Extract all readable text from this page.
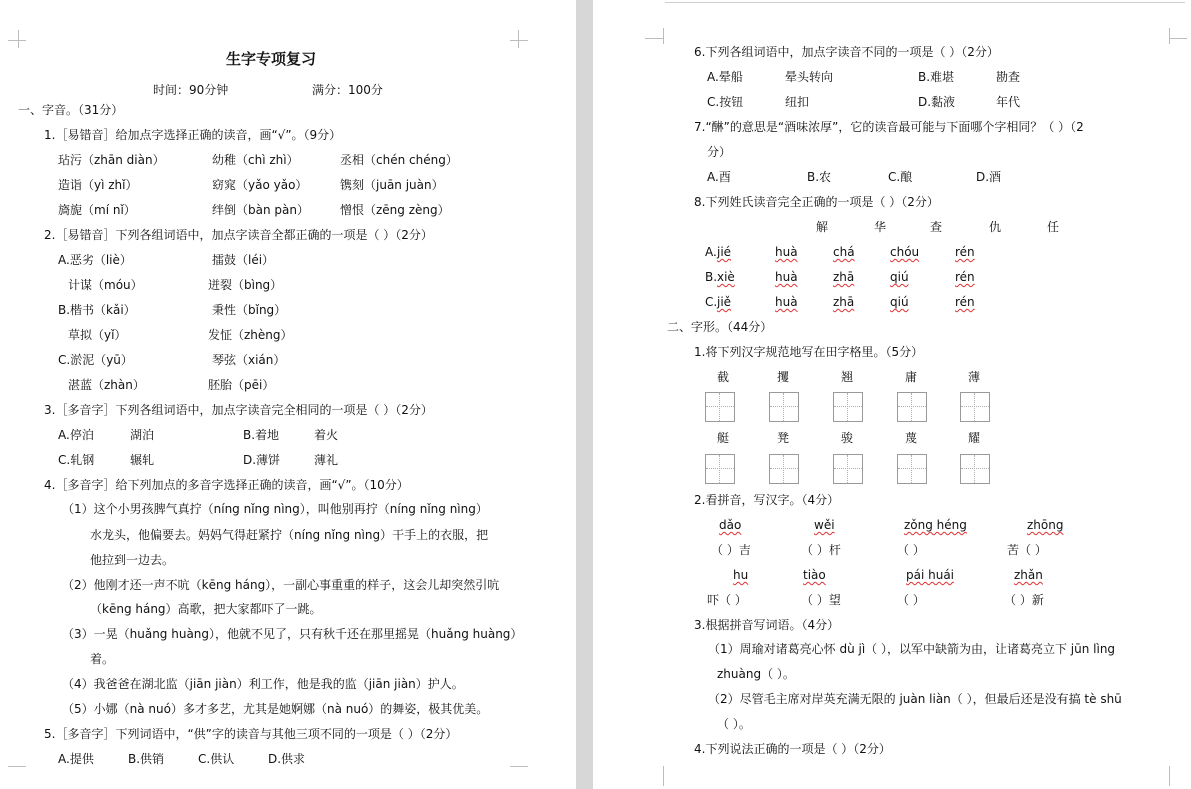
生字专项复习
时间：90分钟	满分：100分
一、字音。（31分）
1.［易错音］给加点字选择正确的读音，画“√”。（9分）
玷污（zhān diàn）	幼稚（chì zhì）	丞相（chén chéng）
造诣（yì zhǐ）	窈窕（yǎo yǎo）	镌刻（juān juàn）
旖旎（mí nǐ）	绊倒（bàn pàn）	憎恨（zēng zèng）
2.［易错音］下列各组词语中，加点字读音全都正确的一项是（ ）（2分）
A.恶劣（liè）	擂鼓（léi）
计谋（móu）	迸裂（bìng）
B.楷书（kǎi）	秉性（bǐng）
草拟（yǐ）	发怔（zhèng）
C.淤泥（yū）	琴弦（xián）
湛蓝（zhàn）	胚胎（pēi）
3.［多音字］下列各组词语中，加点字读音完全相同的一项是（ ）（2分）
A.停泊	湖泊	B.着地	着火
C.轧钢	辗轧	D.薄饼	薄礼
4.［多音字］给下列加点的多音字选择正确的读音，画“√”。（10分）
（1）这个小男孩脾气真拧（níng nǐng nìng），叫他别再拧（níng nǐng nìng）
水龙头，他偏要去。妈妈气得赶紧拧（níng nǐng nìng）干手上的衣服，把
他拉到一边去。
（2）他刚才还一声不吭（kēng háng），一副心事重重的样子，这会儿却突然引吭
（kēng háng）高歌，把大家都吓了一跳。
（3）一晃（huǎng huàng），他就不见了，只有秋千还在那里摇晃（huǎng huàng）
着。
（4）我爸爸在湖北监（jiān jiàn）利工作，他是我的监（jiān jiàn）护人。
（5）小娜（nà nuó）多才多艺，尤其是她婀娜（nà nuó）的舞姿，极其优美。
5.［多音字］下列词语中，“供”字的读音与其他三项不同的一项是（ ）（2分）
A.提供	B.供销	C.供认	D.供求
6.下列各组词语中，加点字读音不同的一项是（ ）（2分）
A.晕船	晕头转向	B.难堪	勘查
C.按钮	纽扣	D.黏液	年代
7.“醂”的意思是“酒味浓厚”，它的读音最可能与下面哪个字相同？（ ）（2
分）
A.酉	B.农	C.酿	D.酒
8.下列姓氏读音完全正确的一项是（ ）（2分）
解	华	查	仇	任
A. jié	huà	chá	chóu	rén
B. xiè	huà	zhā	qiú	rén
C. jiě	huà	zhā	qiú	rén
二、字形。（44分）
1.将下列汉字规范地写在田字格里。（5分）
截	攫	翘	庸	薄
艇	凳	骏	蔑	耀
2.看拼音，写汉字。（4分）
dǎo	wěi	zǒng héng	zhōng
（ ）吉	（ ）杆	（ ）	苦（ ）
hu	tiào	pái huái	zhǎn
吓（ ）	（ ）望	（ ）	（ ）新
3.根据拼音写词语。（4分）
（1）周瑜对诸葛亮心怀 dù jì（ ），以军中缺箭为由，让诸葛亮立下 jūn lìng
zhuàng（ ）。
（2）尽管毛主席对岸英充满无限的 juàn liàn（ ），但最后还是没有搞 tè shū
（ ）。
4.下列说法正确的一项是（ ）（2分）
